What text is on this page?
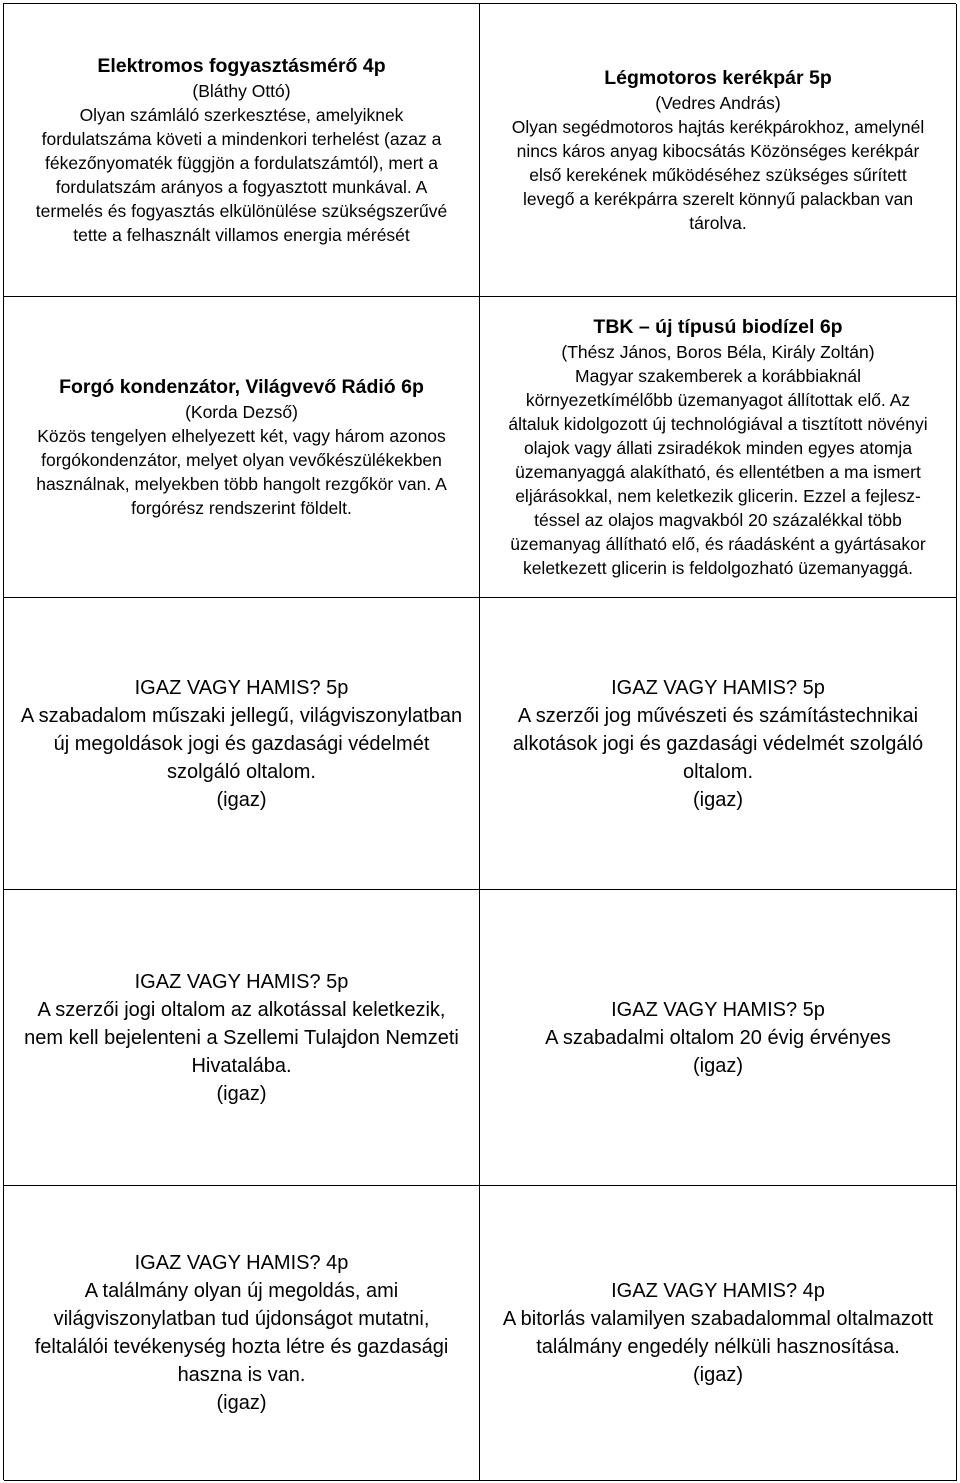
Elektromos fogyasztásmérő 4p
(Bláthy Ottó)
Olyan számláló szerkesztése, amelyiknek fordulatszáma követi a mindenkori terhelést (azaz a fékezőnyomaték függjön a fordulatszámtól), mert a fordulatszám arányos a fogyasztott munkával. A termelés és fogyasztás elkülönülése szükségszerűvé tette a felhasznált villamos energia mérését
Légmotoros kerékpár 5p
(Vedres András)
Olyan segédmotoros hajtás kerékpárokhoz, amelynél nincs káros anyag kibocsátás Közönséges kerékpár első kerekének működéséhez szükséges sűrített levegő a kerékpárra szerelt könnyű palackban van tárolva.
Forgó kondenzátor, Világvevő Rádió 6p
(Korda Dezső)
Közös tengelyen elhelyezett két, vagy három azonos forgókondenzátor, melyet olyan vevőkészülékekben használnak, melyekben több hangolt rezgőkör van. A forgórész rendszerint földelt.
TBK – új típusú biodízel 6p
(Thész János, Boros Béla, Király Zoltán)
Magyar szakemberek a korábbiaknál környezetkímélőbb üzemanyagot állítottak elő. Az általuk kidolgozott új technológiával a tisztított növényi olajok vagy állati zsiradékok minden egyes atomja üzemanyaggá alakítható, és ellentétben a ma ismert eljárásokkal, nem keletkezik glicerin. Ezzel a fejlesz-téssel az olajos magvakból 20 százalékkal több üzemanyag állítható elő, és ráadásként a gyártásakor keletkezett glicerin is feldolgozható üzemanyaggá.
IGAZ VAGY HAMIS? 5p
A szabadalom műszaki jellegű, világviszonylatban új megoldások jogi és gazdasági védelmét szolgáló oltalom.
(igaz)
IGAZ VAGY HAMIS? 5p
A szerzői jog művészeti és számítástechnikai alkotások jogi és gazdasági védelmét szolgáló oltalom.
(igaz)
IGAZ VAGY HAMIS? 5p
A szerzői jogi oltalom az alkotással keletkezik, nem kell bejelenteni a Szellemi Tulajdon Nemzeti Hivatalába.
(igaz)
IGAZ VAGY HAMIS? 5p
A szabadalmi oltalom 20 évig érvényes
(igaz)
IGAZ VAGY HAMIS? 4p
A találmány olyan új megoldás, ami világviszonylatban tud újdonságot mutatni, feltalálói tevékenység hozta létre és gazdasági haszna is van.
(igaz)
IGAZ VAGY HAMIS? 4p
A bitorlás valamilyen szabadalommal oltalmazott találmány engedély nélküli hasznosítása.
(igaz)
